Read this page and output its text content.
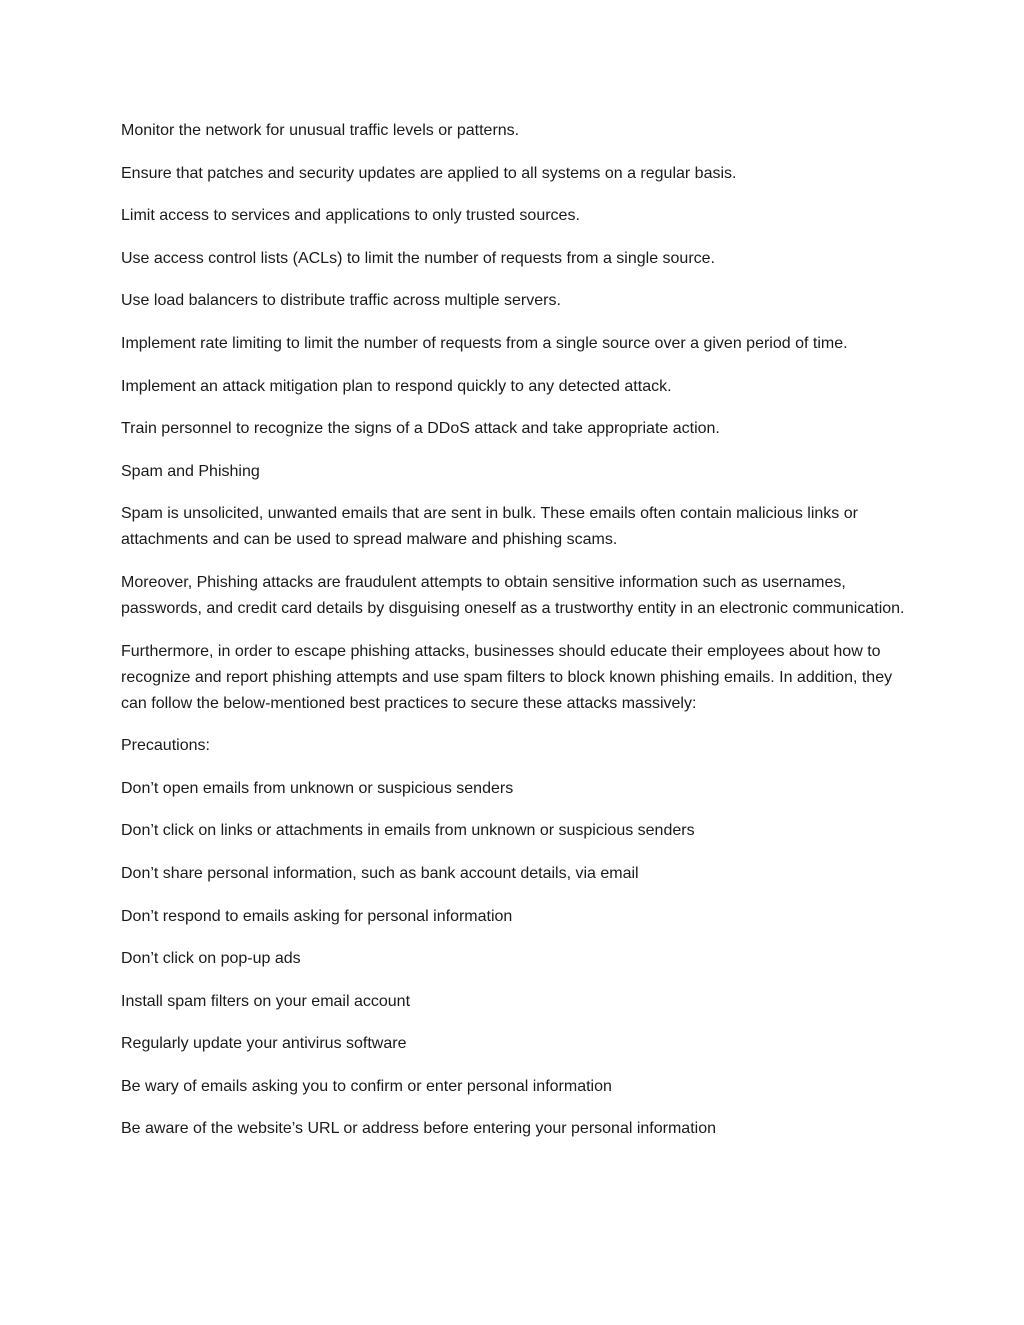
Monitor the network for unusual traffic levels or patterns.

Ensure that patches and security updates are applied to all systems on a regular basis.

Limit access to services and applications to only trusted sources.

Use access control lists (ACLs) to limit the number of requests from a single source.

Use load balancers to distribute traffic across multiple servers.

Implement rate limiting to limit the number of requests from a single source over a given period of time.

Implement an attack mitigation plan to respond quickly to any detected attack.

Train personnel to recognize the signs of a DDoS attack and take appropriate action.

Spam and Phishing

Spam is unsolicited, unwanted emails that are sent in bulk. These emails often contain malicious links or attachments and can be used to spread malware and phishing scams.

Moreover, Phishing attacks are fraudulent attempts to obtain sensitive information such as usernames, passwords, and credit card details by disguising oneself as a trustworthy entity in an electronic communication.

Furthermore, in order to escape phishing attacks, businesses should educate their employees about how to recognize and report phishing attempts and use spam filters to block known phishing emails. In addition, they can follow the below-mentioned best practices to secure these attacks massively:

Precautions:

Don’t open emails from unknown or suspicious senders

Don’t click on links or attachments in emails from unknown or suspicious senders

Don’t share personal information, such as bank account details, via email

Don’t respond to emails asking for personal information

Don’t click on pop-up ads

Install spam filters on your email account

Regularly update your antivirus software

Be wary of emails asking you to confirm or enter personal information

Be aware of the website’s URL or address before entering your personal information
